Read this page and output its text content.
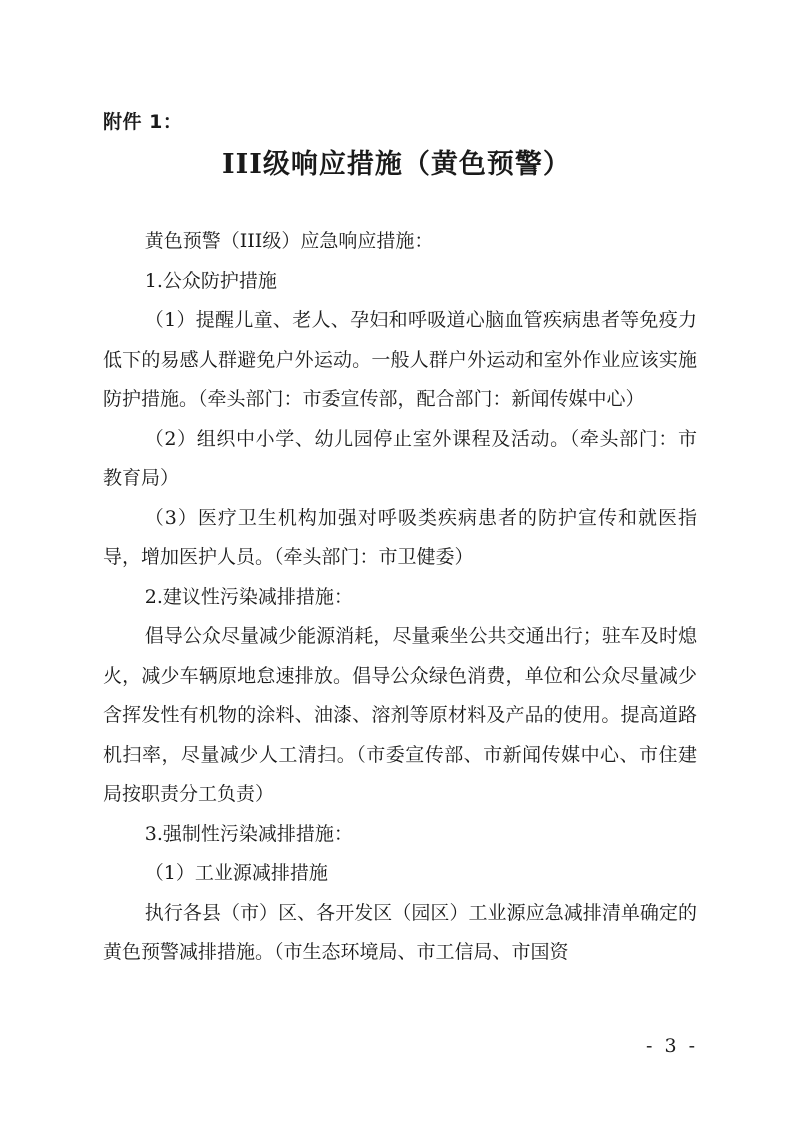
附件 1：
III级响应措施（黄色预警）

黄色预警（III级）应急响应措施：

1.公众防护措施

（1）提醒儿童、老人、孕妇和呼吸道心脑血管疾病患者等免疫力低下的易感人群避免户外运动。一般人群户外运动和室外作业应该实施防护措施。（牵头部门：市委宣传部，配合部门：新闻传媒中心）

（2）组织中小学、幼儿园停止室外课程及活动。（牵头部门：市教育局）

（3）医疗卫生机构加强对呼吸类疾病患者的防护宣传和就医指导，增加医护人员。（牵头部门：市卫健委）

2.建议性污染减排措施：

倡导公众尽量减少能源消耗，尽量乘坐公共交通出行；驻车及时熄火，减少车辆原地怠速排放。倡导公众绿色消费，单位和公众尽量减少含挥发性有机物的涂料、油漆、溶剂等原材料及产品的使用。提高道路机扫率，尽量减少人工清扫。（市委宣传部、市新闻传媒中心、市住建局按职责分工负责）

3.强制性污染减排措施：

（1）工业源减排措施

执行各县（市）区、各开发区（园区）工业源应急减排清单确定的黄色预警减排措施。（市生态环境局、市工信局、市国资

- 3 -
